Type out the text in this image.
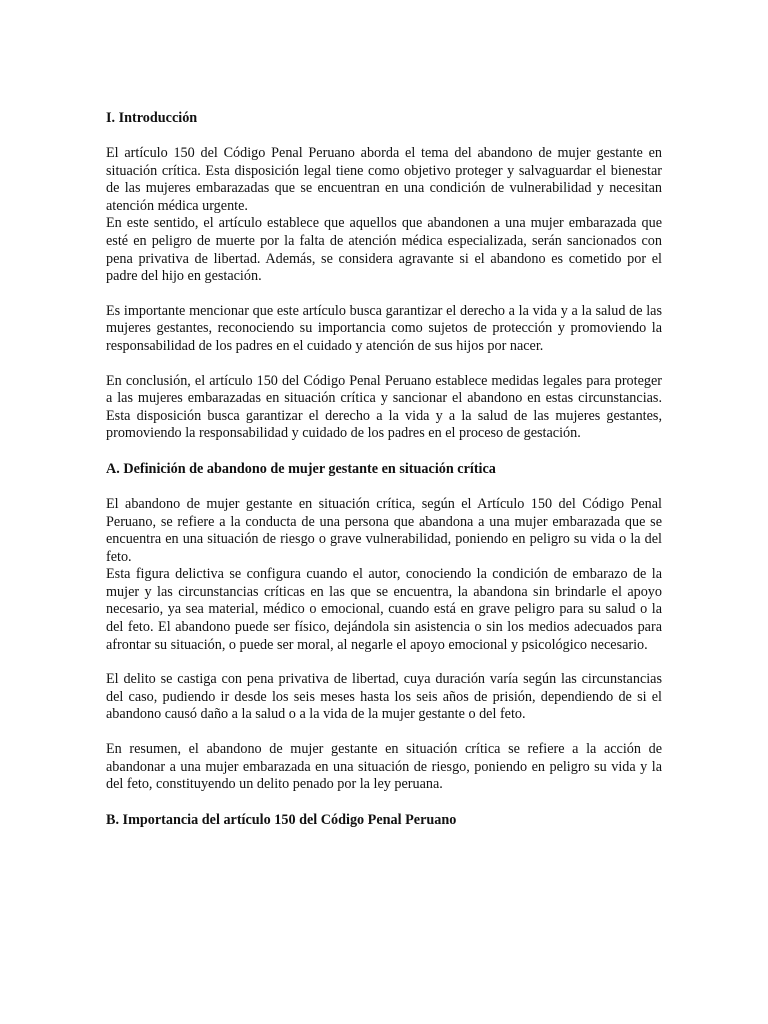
I. Introducción

El artículo 150 del Código Penal Peruano aborda el tema del abandono de mujer gestante en situación crítica. Esta disposición legal tiene como objetivo proteger y salvaguardar el bienestar de las mujeres embarazadas que se encuentran en una condición de vulnerabilidad y necesitan atención médica urgente.

En este sentido, el artículo establece que aquellos que abandonen a una mujer embarazada que esté en peligro de muerte por la falta de atención médica especializada, serán sancionados con pena privativa de libertad. Además, se considera agravante si el abandono es cometido por el padre del hijo en gestación.

Es importante mencionar que este artículo busca garantizar el derecho a la vida y a la salud de las mujeres gestantes, reconociendo su importancia como sujetos de protección y promoviendo la responsabilidad de los padres en el cuidado y atención de sus hijos por nacer.

En conclusión, el artículo 150 del Código Penal Peruano establece medidas legales para proteger a las mujeres embarazadas en situación crítica y sancionar el abandono en estas circunstancias. Esta disposición busca garantizar el derecho a la vida y a la salud de las mujeres gestantes, promoviendo la responsabilidad y cuidado de los padres en el proceso de gestación.

A. Definición de abandono de mujer gestante en situación crítica

El abandono de mujer gestante en situación crítica, según el Artículo 150 del Código Penal Peruano, se refiere a la conducta de una persona que abandona a una mujer embarazada que se encuentra en una situación de riesgo o grave vulnerabilidad, poniendo en peligro su vida o la del feto.

Esta figura delictiva se configura cuando el autor, conociendo la condición de embarazo de la mujer y las circunstancias críticas en las que se encuentra, la abandona sin brindarle el apoyo necesario, ya sea material, médico o emocional, cuando está en grave peligro para su salud o la del feto. El abandono puede ser físico, dejándola sin asistencia o sin los medios adecuados para afrontar su situación, o puede ser moral, al negarle el apoyo emocional y psicológico necesario.

El delito se castiga con pena privativa de libertad, cuya duración varía según las circunstancias del caso, pudiendo ir desde los seis meses hasta los seis años de prisión, dependiendo de si el abandono causó daño a la salud o a la vida de la mujer gestante o del feto.

En resumen, el abandono de mujer gestante en situación crítica se refiere a la acción de abandonar a una mujer embarazada en una situación de riesgo, poniendo en peligro su vida y la del feto, constituyendo un delito penado por la ley peruana.

B. Importancia del artículo 150 del Código Penal Peruano
